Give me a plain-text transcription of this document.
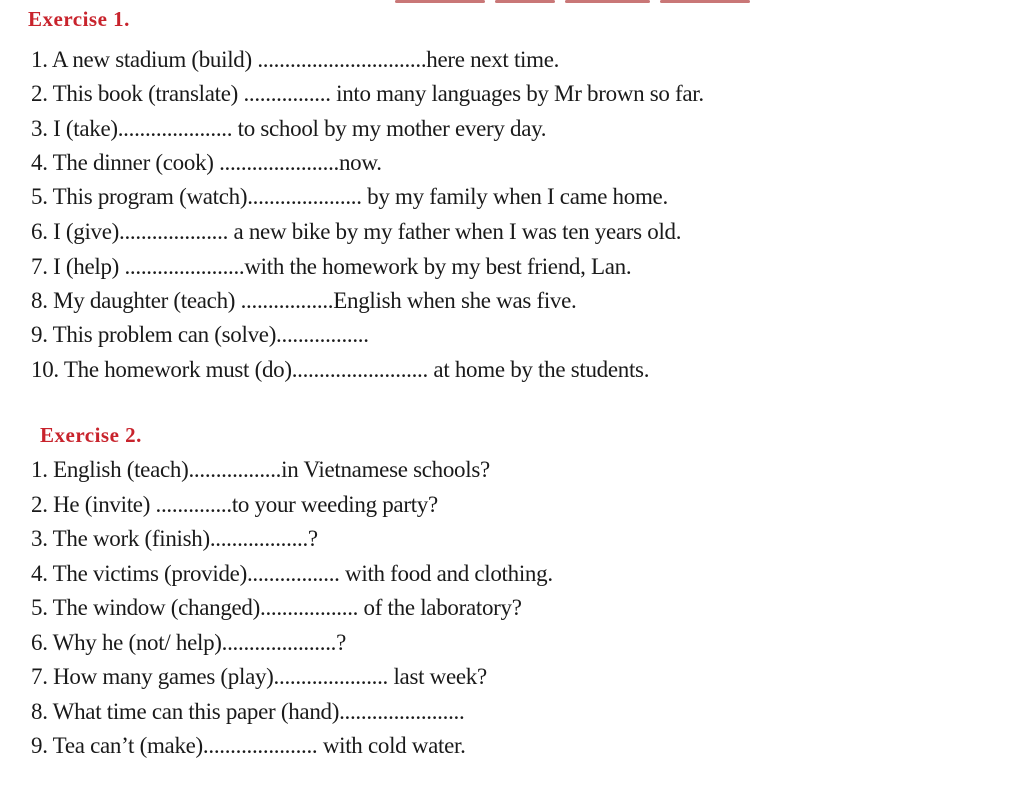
Exercise 1.
1. A new stadium (build) ...............................here next time.
2. This book (translate) ................ into many languages by Mr brown so far.
3. I (take)..................... to school by my mother every day.
4. The dinner (cook) ......................now.
5. This program (watch)..................... by my family when I came home.
6. I (give).................... a new bike by my father when I was ten years old.
7. I (help) ......................with the homework by my best friend, Lan.
8. My daughter (teach) .................English when she was five.
9. This problem can (solve).................
10. The homework must (do)......................... at home by the students.
Exercise 2.
1. English (teach).................in Vietnamese schools?
2. He (invite) ..............to your weeding party?
3. The work (finish)..................?
4. The victims (provide)................. with food and clothing.
5. The window (changed).................. of the laboratory?
6. Why he (not/ help).....................?
7. How many games (play)..................... last week?
8. What time can this paper (hand).......................
9. Tea can’t (make)..................... with cold water.
